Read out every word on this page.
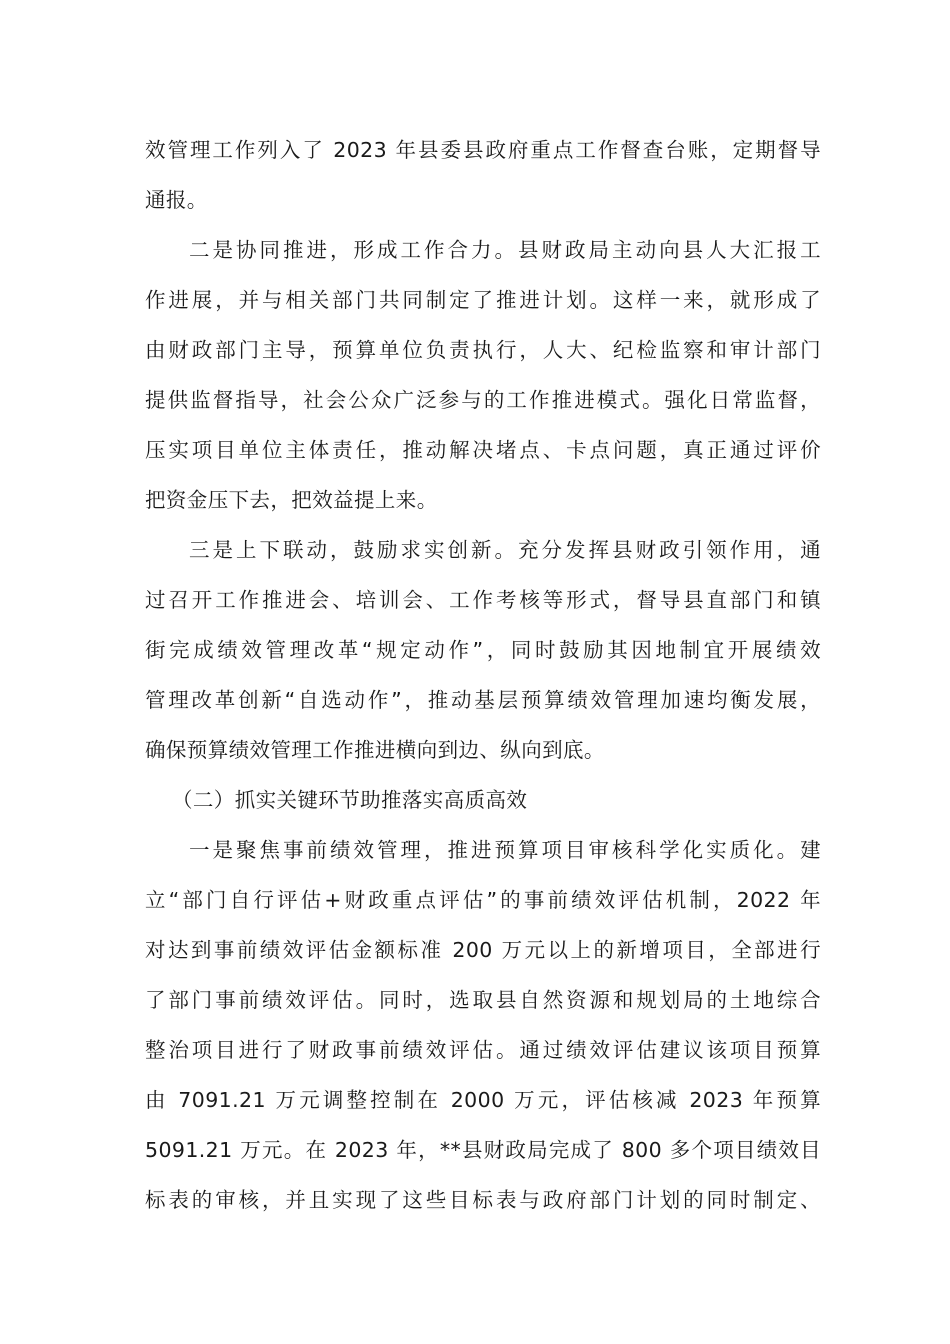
效管理工作列入了 2023 年县委县政府重点工作督查台账，定期督导
通报。
二是协同推进，形成工作合力。县财政局主动向县人大汇报工
作进展，并与相关部门共同制定了推进计划。这样一来，就形成了
由财政部门主导，预算单位负责执行，人大、纪检监察和审计部门
提供监督指导，社会公众广泛参与的工作推进模式。强化日常监督，
压实项目单位主体责任，推动解决堵点、卡点问题，真正通过评价
把资金压下去，把效益提上来。
三是上下联动，鼓励求实创新。充分发挥县财政引领作用，通
过召开工作推进会、培训会、工作考核等形式，督导县直部门和镇
街完成绩效管理改革“规定动作”，同时鼓励其因地制宜开展绩效
管理改革创新“自选动作”，推动基层预算绩效管理加速均衡发展，
确保预算绩效管理工作推进横向到边、纵向到底。
（二）抓实关键环节助推落实高质高效
一是聚焦事前绩效管理，推进预算项目审核科学化实质化。建
立“部门自行评估+财政重点评估”的事前绩效评估机制，2022 年
对达到事前绩效评估金额标准 200 万元以上的新增项目，全部进行
了部门事前绩效评估。同时，选取县自然资源和规划局的土地综合
整治项目进行了财政事前绩效评估。通过绩效评估建议该项目预算
由 7091.21 万元调整控制在 2000 万元，评估核减 2023 年预算
5091.21 万元。在 2023 年，**县财政局完成了 800 多个项目绩效目
标表的审核，并且实现了这些目标表与政府部门计划的同时制定、
